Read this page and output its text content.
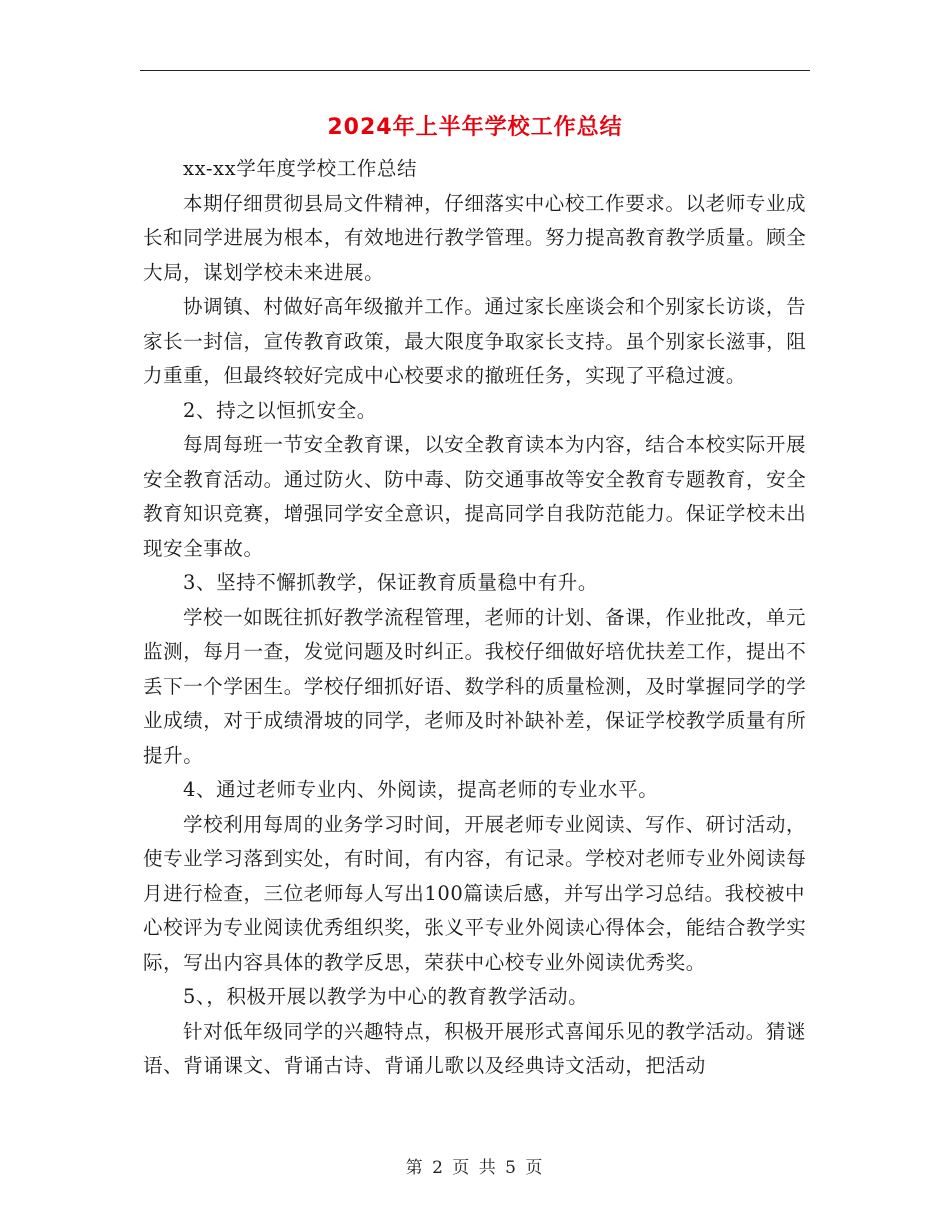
2024年上半年学校工作总结

xx-xx学年度学校工作总结

本期仔细贯彻县局文件精神，仔细落实中心校工作要求。以老师专业成长和同学进展为根本，有效地进行教学管理。努力提高教育教学质量。顾全大局，谋划学校未来进展。

协调镇、村做好高年级撤并工作。通过家长座谈会和个别家长访谈，告家长一封信，宣传教育政策，最大限度争取家长支持。虽个别家长滋事，阻力重重，但最终较好完成中心校要求的撤班任务，实现了平稳过渡。

2、持之以恒抓安全。

每周每班一节安全教育课，以安全教育读本为内容，结合本校实际开展安全教育活动。通过防火、防中毒、防交通事故等安全教育专题教育，安全教育知识竞赛，增强同学安全意识，提高同学自我防范能力。保证学校未出现安全事故。

3、坚持不懈抓教学，保证教育质量稳中有升。

学校一如既往抓好教学流程管理，老师的计划、备课，作业批改，单元监测，每月一查，发觉问题及时纠正。我校仔细做好培优扶差工作，提出不丢下一个学困生。学校仔细抓好语、数学科的质量检测，及时掌握同学的学业成绩，对于成绩滑坡的同学，老师及时补缺补差，保证学校教学质量有所提升。

4、通过老师专业内、外阅读，提高老师的专业水平。

学校利用每周的业务学习时间，开展老师专业阅读、写作、研讨活动，使专业学习落到实处，有时间，有内容，有记录。学校对老师专业外阅读每月进行检查，三位老师每人写出100篇读后感，并写出学习总结。我校被中心校评为专业阅读优秀组织奖，张义平专业外阅读心得体会，能结合教学实际，写出内容具体的教学反思，荣获中心校专业外阅读优秀奖。

5、，积极开展以教学为中心的教育教学活动。

针对低年级同学的兴趣特点，积极开展形式喜闻乐见的教学活动。猜谜语、背诵课文、背诵古诗、背诵儿歌以及经典诗文活动，把活动

第 2 页 共 5 页
